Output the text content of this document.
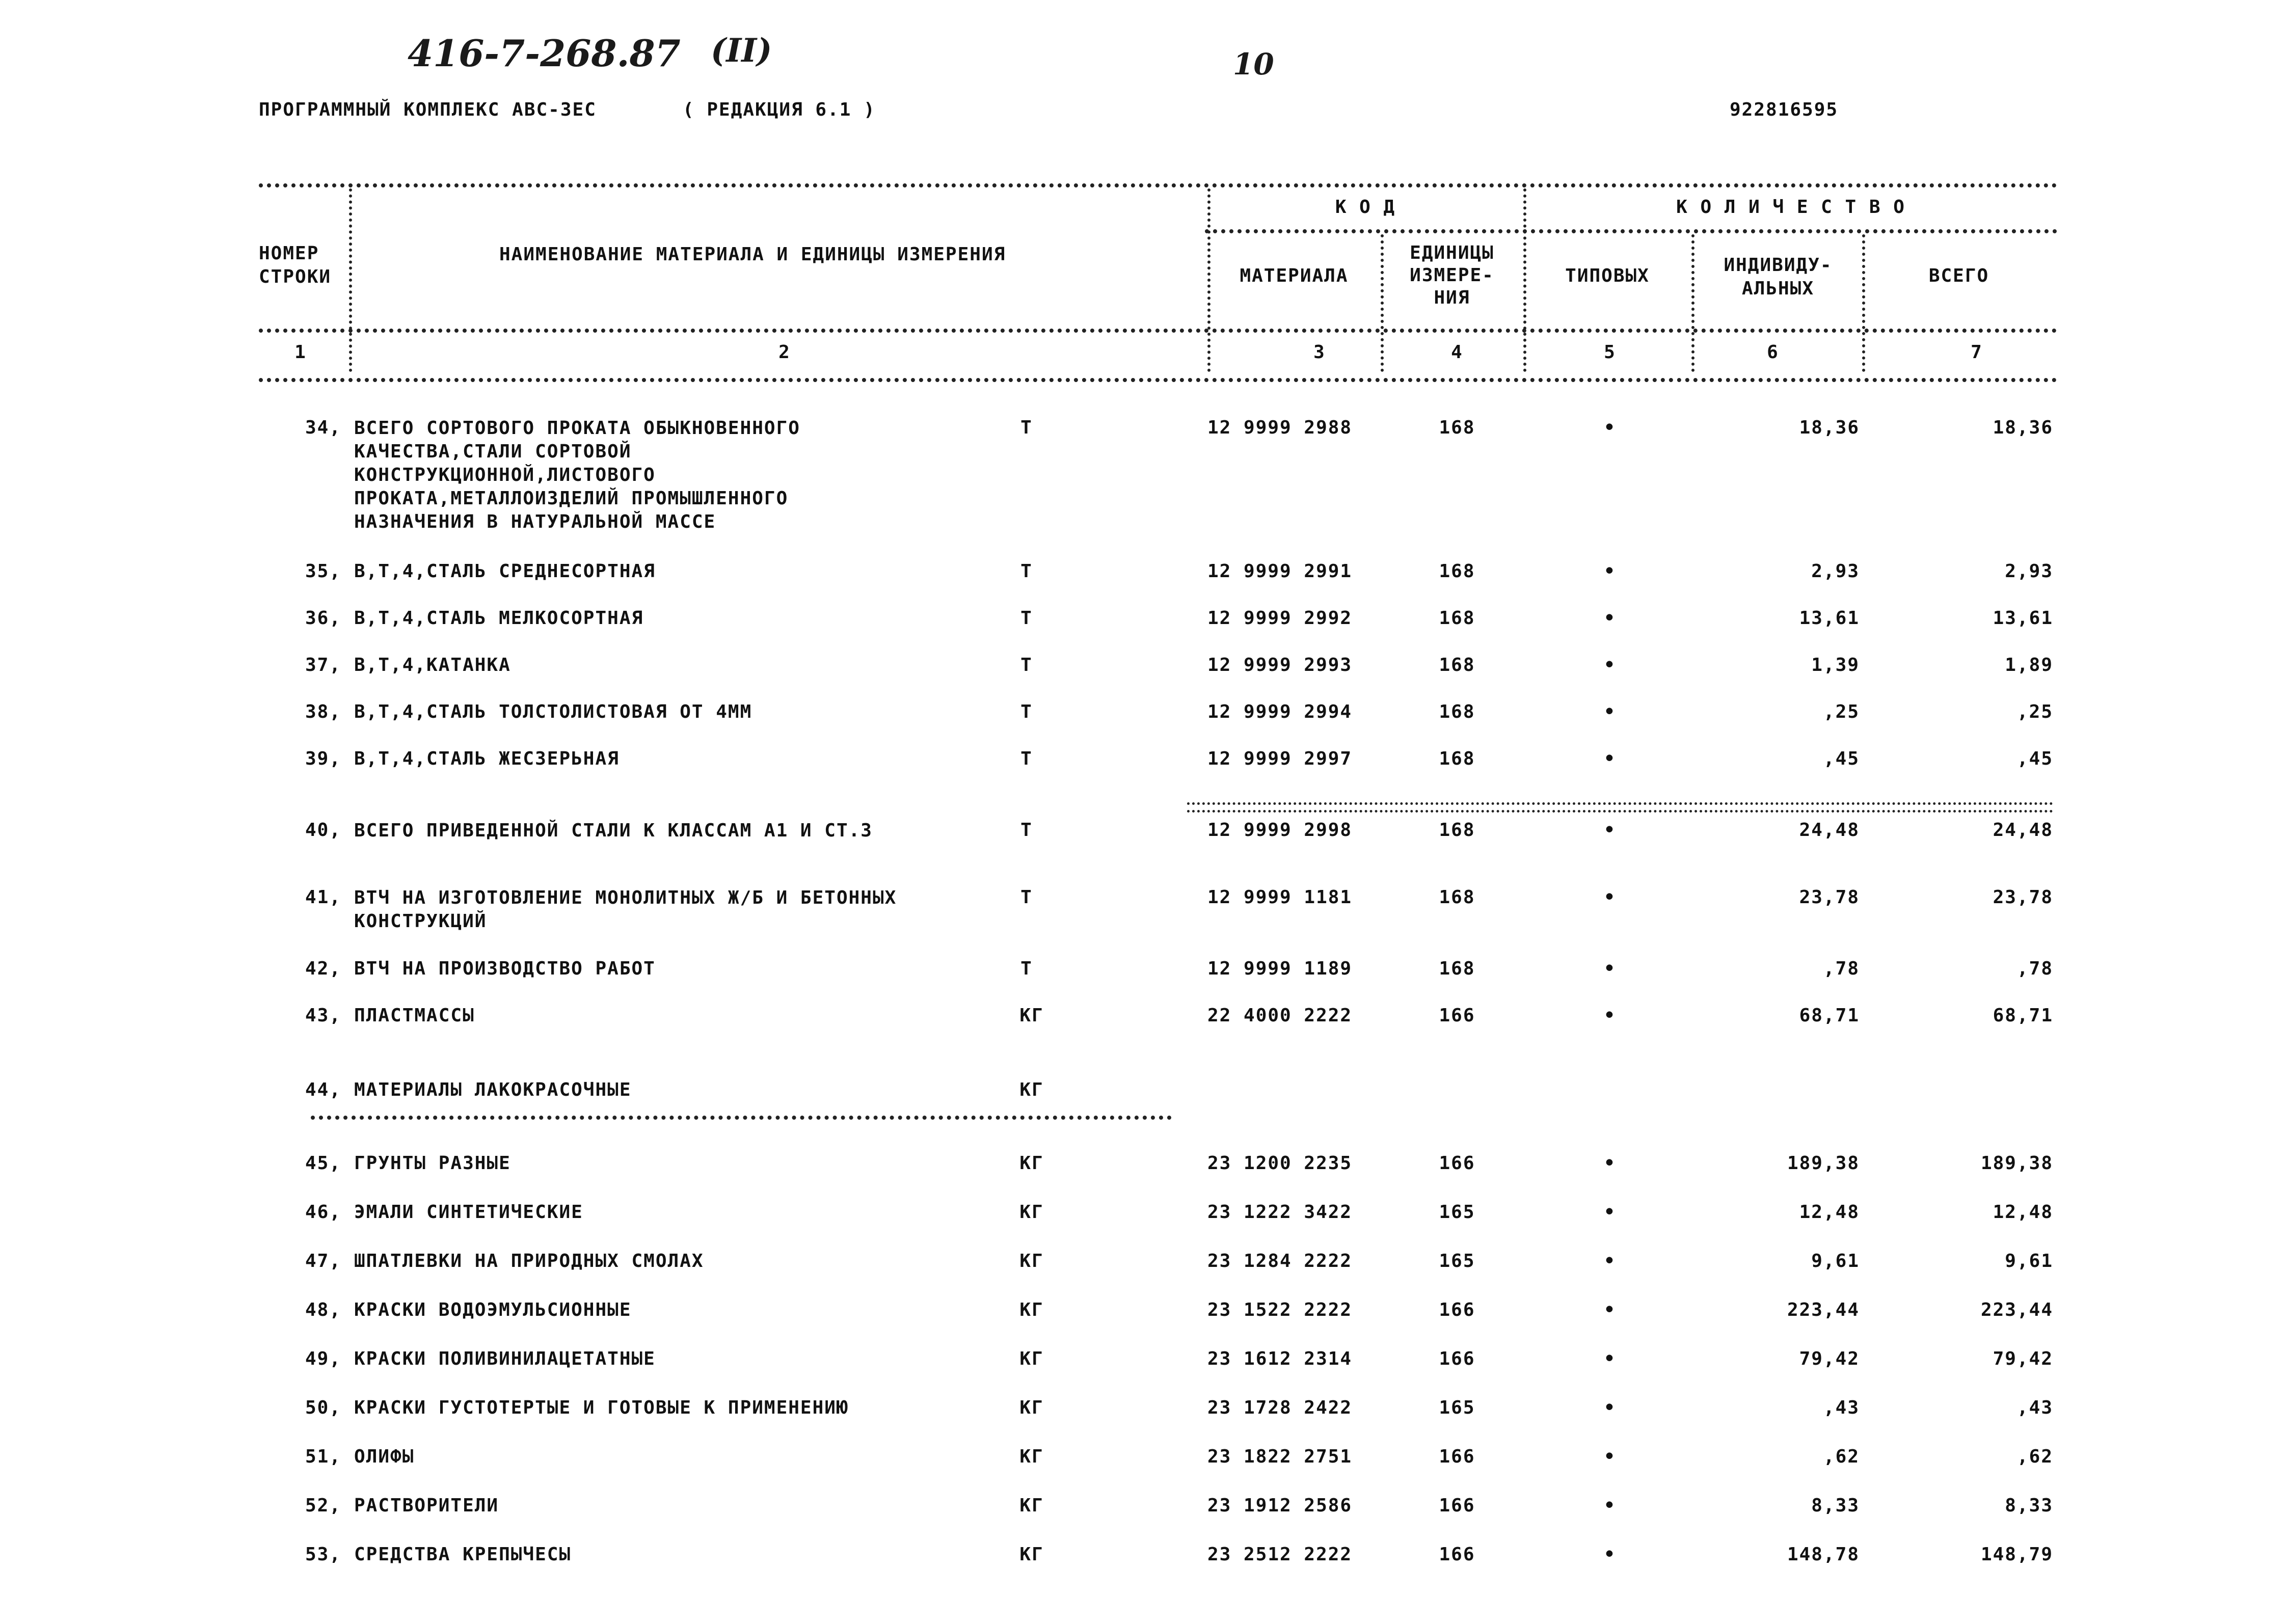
416-7-268.87 (II)	10
ПРОГРАММНЫЙ КОМПЛЕКС АВС-3ЕС	( РЕДАКЦИЯ 6.1 )	922816595
НОМЕР СТРОКИ
НАИМЕНОВАНИЕ МАТЕРИАЛА И ЕДИНИЦЫ ИЗМЕРЕНИЯ
К О Д
МАТЕРИАЛА
ЕДИНИЦЫ ИЗМЕРЕ- НИЯ
К О Л И Ч Е С Т В О
ТИПОВЫХ
ИНДИВИДУ- АЛЬНЫХ
ВСЕГО
1	2	3	4	5	6	7
34, ВСЕГО СОРТОВОГО ПРОКАТА ОБЫКНОВЕННОГО КАЧЕСТВА,СТАЛИ СОРТОВОЙ КОНСТРУКЦИОННОЙ,ЛИСТОВОГО ПРОКАТА,МЕТАЛЛОИЗДЕЛИЙ ПРОМЫШЛЕННОГО НАЗНАЧЕНИЯ В НАТУРАЛЬНОЙ МАССЕ
Т	12 9999 2988	168	•	18,36	18,36
35, В,Т,4,СТАЛЬ СРЕДНЕСОРТНАЯ	Т	12 9999 2991	168	•	2,93	2,93
36, В,Т,4,СТАЛЬ МЕЛКОСОРТНАЯ	Т	12 9999 2992	168	•	13,61	13,61
37, В,Т,4,КАТАНКА	Т	12 9999 2993	168	•	1,39	1,89
38, В,Т,4,СТАЛЬ ТОЛСТОЛИСТОВАЯ ОТ 4ММ	Т	12 9999 2994	168	•	,25	,25
39, В,Т,4,СТАЛЬ ЖЕСЗЕРЬНАЯ	Т	12 9999 2997	168	•	,45	,45
40, ВСЕГО ПРИВЕДЕННОЙ СТАЛИ К КЛАССАМ А1 И СТ.3	Т	12 9999 2998	168	•	24,48	24,48
41, ВТЧ НА ИЗГОТОВЛЕНИЕ МОНОЛИТНЫХ Ж/Б И БЕТОННЫХ КОНСТРУКЦИЙ
Т	12 9999 1181	168	•	23,78	23,78
42, ВТЧ НА ПРОИЗВОДСТВО РАБОТ	Т	12 9999 1189	168	•	,78	,78
43, ПЛАСТМАССЫ	КГ	22 4000 2222	166	•	68,71	68,71
44, МАТЕРИАЛЫ ЛАКОКРАСОЧНЫЕ	КГ
45, ГРУНТЫ РАЗНЫЕ	КГ	23 1200 2235	166	•	189,38	189,38
46, ЭМАЛИ СИНТЕТИЧЕСКИЕ	КГ	23 1222 3422	165	•	12,48	12,48
47, ШПАТЛЕВКИ НА ПРИРОДНЫХ СМОЛАХ	КГ	23 1284 2222	165	•	9,61	9,61
48, КРАСКИ ВОДОЭМУЛЬСИОННЫЕ	КГ	23 1522 2222	166	•	223,44	223,44
49, КРАСКИ ПОЛИВИНИЛАЦЕТАТНЫЕ	КГ	23 1612 2314	166	•	79,42	79,42
50, КРАСКИ ГУСТОТЕРТЫЕ И ГОТОВЫЕ К ПРИМЕНЕНИЮ	КГ	23 1728 2422	165	•	,43	,43
51, ОЛИФЫ	КГ	23 1822 2751	166	•	,62	,62
52, РАСТВОРИТЕЛИ	КГ	23 1912 2586	166	•	8,33	8,33
53, СРЕДСТВА КРЕПЫЧЕСЫ	КГ	23 2512 2222	166	•	148,78	148,79
